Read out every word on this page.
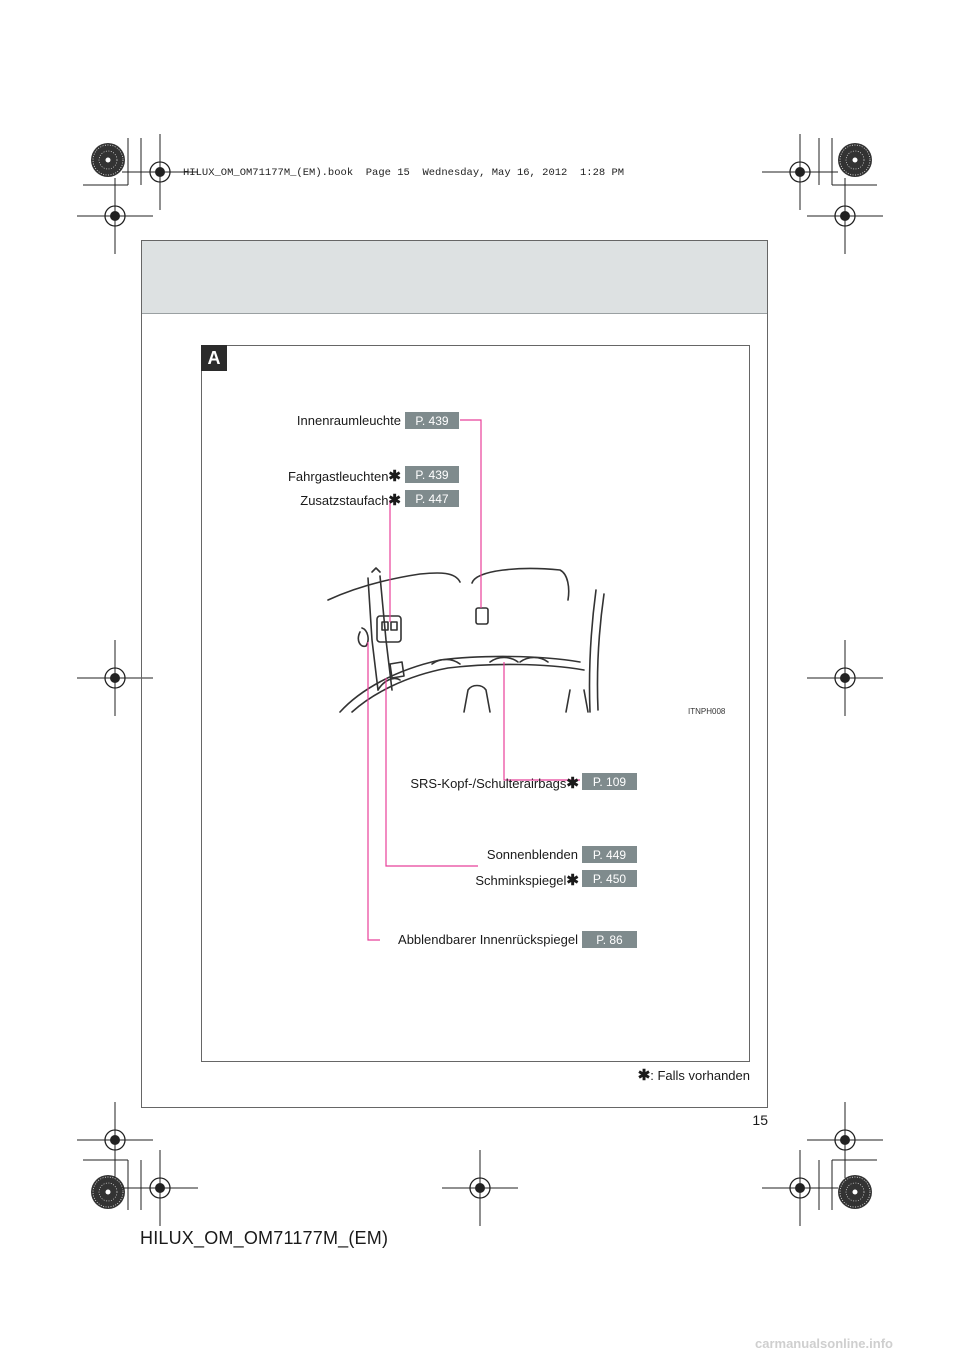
HILUX_OM_OM71177M_(EM).book  Page 15  Wednesday, May 16, 2012  1:28 PM
A
Innenraumleuchte	P. 439
Fahrgastleuchten✱	P. 439
Zusatzstaufach✱	P. 447
ITNPH008
SRS-Kopf-/Schulterairbags✱	P. 109
Sonnenblenden	P. 449
Schminkspiegel✱	P. 450
Abblendbarer Innenrückspiegel	P. 86
✱: Falls vorhanden
15
HILUX_OM_OM71177M_(EM)
carmanualsonline.info
